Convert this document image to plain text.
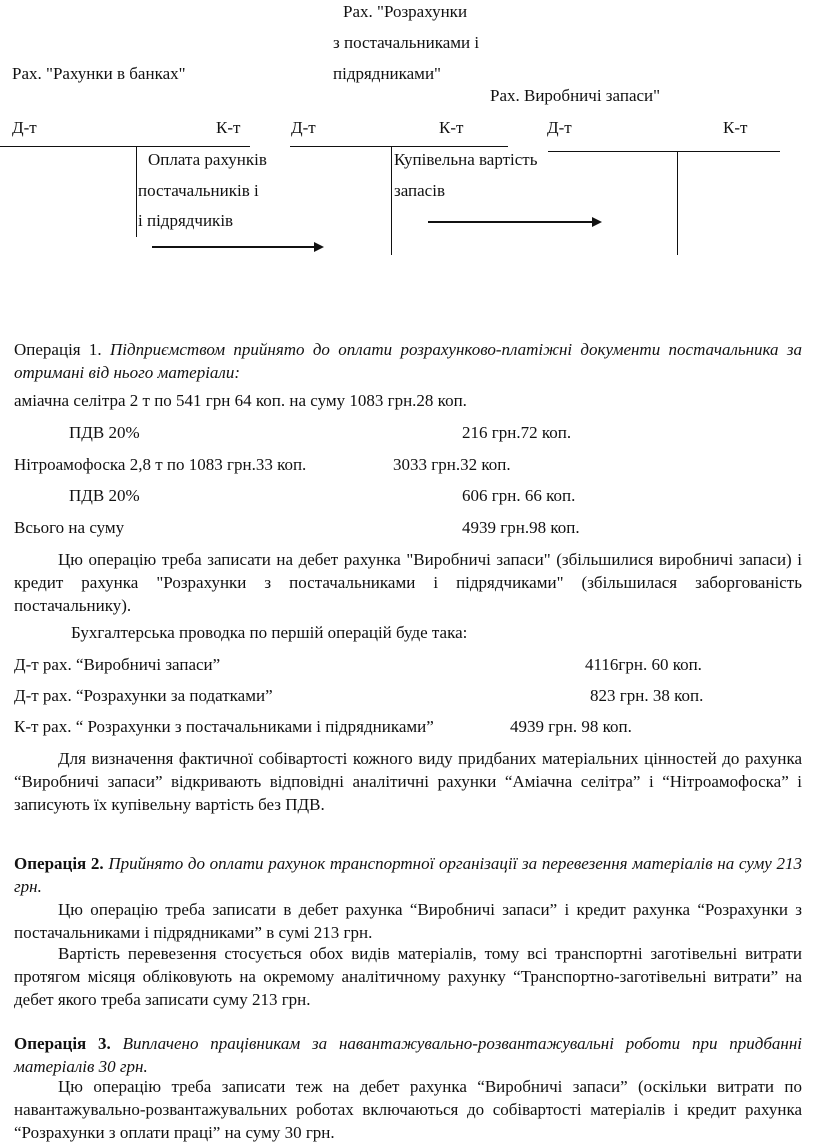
Рах. "Розрахунки
з постачальниками і
підрядниками"
Рах. "Рахунки в банках"
Рах. Виробничі запаси"
Д-т	К-т	Д-т	К-т	Д-т	К-т
Оплата рахунків
постачальників і
і підрядчиків
Купівельна вартість
запасів
Операція 1. Підприємством прийнято до оплати розрахунково-платіжні документи постачальника за отримані від нього матеріали:
аміачна селітра 2 т по 541 грн 64 коп. на суму 1083 грн.28 коп.
ПДВ 20%	216 грн.72 коп.
Нітроамофоска 2,8 т по 1083 грн.33 коп.	3033 грн.32 коп.
ПДВ 20%	606 грн. 66 коп.
Всього на суму	4939 грн.98 коп.
Цю операцію треба записати на дебет рахунка "Виробничі запаси" (збільшилися виробничі запаси) і кредит рахунка "Розрахунки з постачальниками і підрядчиками" (збільшилася заборгованість постачальнику).
Бухгалтерська проводка по першій операцій буде така:
Д-т рах. “Виробничі запаси”	4116грн. 60 коп.
Д-т рах. “Розрахунки за податками”	823 грн. 38 коп.
К-т рах. “ Розрахунки з постачальниками і підрядниками”	4939 грн. 98 коп.
Для визначення фактичної собівартості кожного виду придбаних матеріальних цінностей до рахунка “Виробничі запаси” відкривають відповідні аналітичні рахунки “Аміачна селітра” і “Нітроамофоска” і записують їх купівельну вартість без ПДВ.
Операція 2. Прийнято до оплати рахунок транспортної організації за перевезення матеріалів на суму 213 грн.
Цю операцію треба записати в дебет рахунка “Виробничі запаси” і кредит рахунка “Розрахунки з постачальниками і підрядниками” в сумі 213 грн.
Вартість перевезення стосується обох видів матеріалів, тому всі транспортні заготівельні витрати протягом місяця обліковують на окремому аналітичному рахунку “Транспортно-заготівельні витрати” на дебет якого треба записати суму 213 грн.
Операція 3. Виплачено працівникам за навантажувально-розвантажувальні роботи при придбанні матеріалів 30 грн.
Цю операцію треба записати теж на дебет рахунка “Виробничі запаси” (оскільки витрати по навантажувально-розвантажувальних роботах включаються до собівартості матеріалів і кредит рахунка “Розрахунки з оплати праці” на суму 30 грн.
